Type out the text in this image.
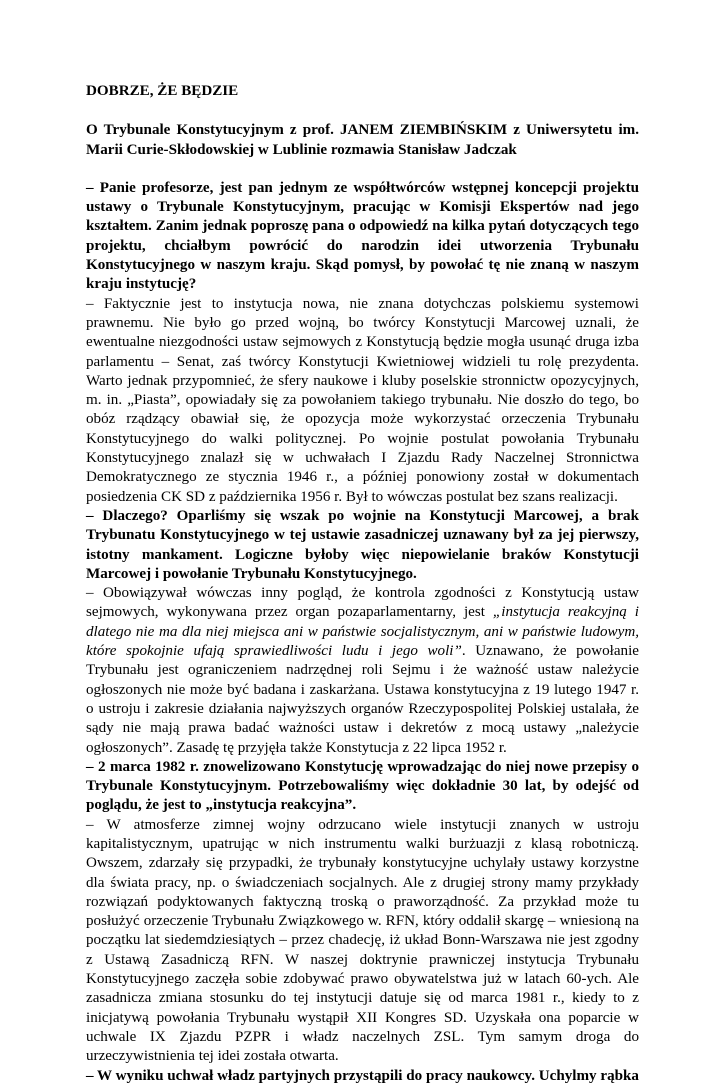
DOBRZE, ŻE BĘDZIE

O Trybunale Konstytucyjnym z prof. JANEM ZIEMBIŃSKIM z Uniwersytetu im. Marii Curie-Skłodowskiej w Lublinie rozmawia Stanisław Jadczak

– Panie profesorze, jest pan jednym ze współtwórców wstępnej koncepcji projektu ustawy o Trybunale Konstytucyjnym, pracując w Komisji Ekspertów nad jego kształtem. Zanim jednak poproszę pana o odpowiedź na kilka pytań dotyczących tego projektu, chciałbym powrócić do narodzin idei utworzenia Trybunału Konstytucyjnego w naszym kraju. Skąd pomysł, by powołać tę nie znaną w naszym kraju instytucję?

– Faktycznie jest to instytucja nowa, nie znana dotychczas polskiemu systemowi prawnemu. Nie było go przed wojną, bo twórcy Konstytucji Marcowej uznali, że ewentualne niezgodności ustaw sejmowych z Konstytucją będzie mogła usunąć druga izba parlamentu – Senat, zaś twórcy Konstytucji Kwietniowej widzieli tu rolę prezydenta. Warto jednak przypomnieć, że sfery naukowe i kluby poselskie stronnictw opozycyjnych, m. in. „Piasta”, opowiadały się za powołaniem takiego trybunału. Nie doszło do tego, bo obóz rządzący obawiał się, że opozycja może wykorzystać orzeczenia Trybunału Konstytucyjnego do walki politycznej. Po wojnie postulat powołania Trybunału Konstytucyjnego znalazł się w uchwałach I Zjazdu Rady Naczelnej Stronnictwa Demokratycznego ze stycznia 1946 r., a później ponowiony został w dokumentach posiedzenia CK SD z października 1956 r. Był to wówczas postulat bez szans realizacji.

– Dlaczego? Oparliśmy się wszak po wojnie na Konstytucji Marcowej, a brak Trybunatu Konstytucyjnego w tej ustawie zasadniczej uznawany był za jej pierwszy, istotny mankament. Logiczne byłoby więc niepowielanie braków Konstytucji Marcowej i powołanie Trybunału Konstytucyjnego.

– Obowiązywał wówczas inny pogląd, że kontrola zgodności z Konstytucją ustaw sejmowych, wykonywana przez organ pozaparlamentarny, jest „instytucja reakcyjną i dlatego nie ma dla niej miejsca ani w państwie socjalistycznym, ani w państwie ludowym, które spokojnie ufają sprawiedliwości ludu i jego woli”. Uznawano, że powołanie Trybunału jest ograniczeniem nadrzędnej roli Sejmu i że ważność ustaw należycie ogłoszonych nie może być badana i zaskarżana. Ustawa konstytucyjna z 19 lutego 1947 r. o ustroju i zakresie działania najwyższych organów Rzeczypospolitej Polskiej ustalała, że sądy nie mają prawa badać ważności ustaw i dekretów z mocą ustawy „należycie ogłoszonych”. Zasadę tę przyjęła także Konstytucja z 22 lipca 1952 r.

– 2 marca 1982 r. znowelizowano Konstytucję wprowadzając do niej nowe przepisy o Trybunale Konstytucyjnym. Potrzebowaliśmy więc dokładnie 30 lat, by odejść od poglądu, że jest to „instytucja reakcyjna”.

– W atmosferze zimnej wojny odrzucano wiele instytucji znanych w ustroju kapitalistycznym, upatrując w nich instrumentu walki burżuazji z klasą robotniczą. Owszem, zdarzały się przypadki, że trybunały konstytucyjne uchylały ustawy korzystne dla świata pracy, np. o świadczeniach socjalnych. Ale z drugiej strony mamy przykłady rozwiązań podyktowanych faktyczną troską o praworządność. Za przykład może tu posłużyć orzeczenie Trybunału Związkowego w. RFN, który oddalił skargę – wniesioną na początku lat siedemdziesiątych – przez chadecję, iż układ Bonn-Warszawa nie jest zgodny z Ustawą Zasadniczą RFN. W naszej doktrynie prawniczej instytucja Trybunału Konstytucyjnego zaczęła sobie zdobywać prawo obywatelstwa już w latach 60-ych. Ale zasadnicza zmiana stosunku do tej instytucji datuje się od marca 1981 r., kiedy to z inicjatywą powołania Trybunału wystąpił XII Kongres SD. Uzyskała ona poparcie w uchwale IX Zjazdu PZPR i władz naczelnych ZSL. Tym samym droga do urzeczywistnienia tej idei została otwarta.

– W wyniku uchwał władz partyjnych przystąpili do pracy naukowcy. Uchylmy rąbka
